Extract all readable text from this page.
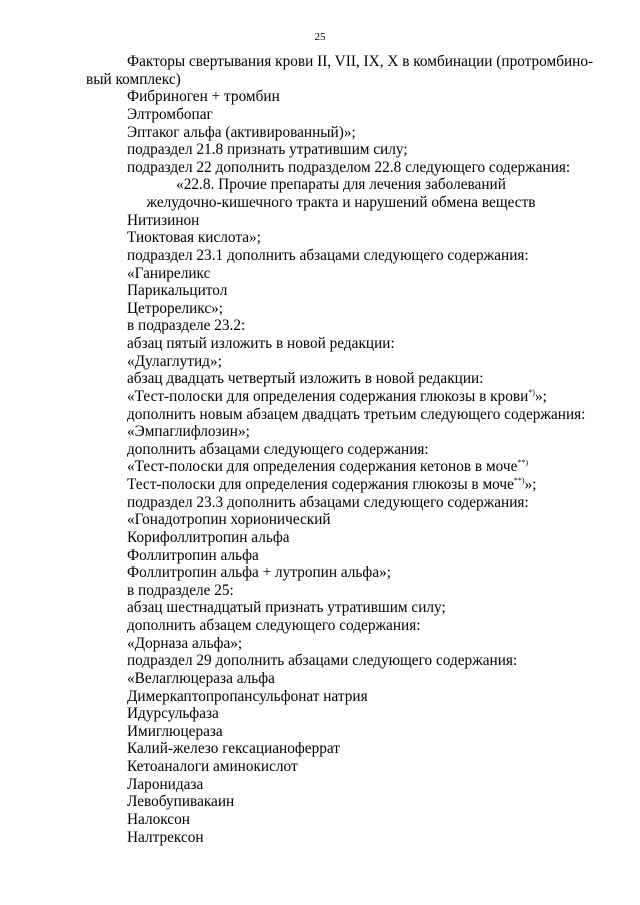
25
Факторы свертывания крови II, VII, IX, X в комбинации (протромбино-
вый комплекс)
Фибриноген + тромбин
Элтромбопаг
Эптаког альфа (активированный)»;
подраздел 21.8 признать утратившим силу;
подраздел 22 дополнить подразделом 22.8 следующего содержания:
«22.8. Прочие препараты для лечения заболеваний
желудочно-кишечного тракта и нарушений обмена веществ
Нитизинон
Тиоктовая кислота»;
подраздел 23.1 дополнить абзацами следующего содержания:
«Ганиреликс
Парикальцитол
Цетрореликс»;
в подразделе 23.2:
абзац пятый изложить в новой редакции:
«Дулаглутид»;
абзац двадцать четвертый изложить в новой редакции:
«Тест-полоски для определения содержания глюкозы в крови*)»;
дополнить новым абзацем двадцать третьим следующего содержания:
«Эмпаглифлозин»;
дополнить абзацами следующего содержания:
«Тест-полоски для определения содержания кетонов в моче**)
Тест-полоски для определения содержания глюкозы в моче**)»;
подраздел 23.3 дополнить абзацами следующего содержания:
«Гонадотропин хорионический
Корифоллитропин альфа
Фоллитропин альфа
Фоллитропин альфа + лутропин альфа»;
в подразделе 25:
абзац шестнадцатый признать утратившим силу;
дополнить абзацем следующего содержания:
«Дорназа альфа»;
подраздел 29 дополнить абзацами следующего содержания:
«Велаглюцераза альфа
Димеркаптопропансульфонат натрия
Идурсульфаза
Имиглюцераза
Калий-железо гексацианоферрат
Кетоаналоги аминокислот
Ларонидаза
Левобупивакаин
Налоксон
Налтрексон
